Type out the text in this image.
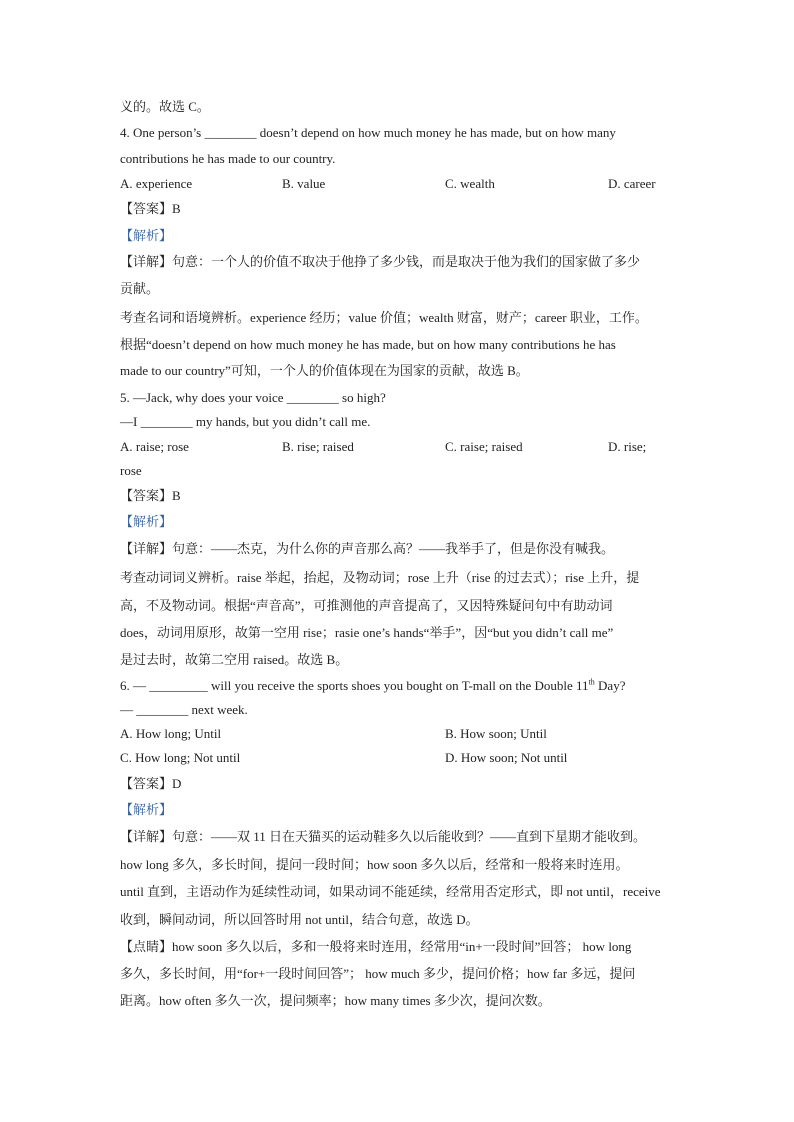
义的。故选 C。
4. One person’s ________ doesn’t depend on how much money he has made, but on how many
contributions he has made to our country.
A. experience	B. value	C. wealth	D. career
【答案】B
【解析】
【详解】句意：一个人的价值不取决于他挣了多少钱，而是取决于他为我们的国家做了多少
贡献。
考查名词和语境辨析。experience 经历；value 价值；wealth 财富，财产；career 职业，工作。
根据“doesn’t depend on how much money he has made, but on how many contributions he has
made to our country”可知，一个人的价值体现在为国家的贡献，故选 B。
5. —Jack, why does your voice ________ so high?
—I ________ my hands, but you didn’t call me.
A. raise; rose	B. rise; raised	C. raise; raised	D. rise;
rose
【答案】B
【解析】
【详解】句意：——杰克，为什么你的声音那么高？——我举手了，但是你没有喊我。
考查动词词义辨析。raise 举起，抬起，及物动词；rose 上升（rise 的过去式）；rise 上升，提
高，不及物动词。根据“声音高”，可推测他的声音提高了，又因特殊疑问句中有助动词
does，动词用原形，故第一空用 rise；rasie one’s hands“举手”，因“but you didn’t call me”
是过去时，故第二空用 raised。故选 B。
6. — _________ will you receive the sports shoes you bought on T-mall on the Double 11th Day?
— ________ next week.
A. How long; Until	B. How soon; Until
C. How long; Not until	D. How soon; Not until
【答案】D
【解析】
【详解】句意：——双 11 日在天猫买的运动鞋多久以后能收到？——直到下星期才能收到。
how long 多久，多长时间，提问一段时间；how soon 多久以后，经常和一般将来时连用。
until 直到，主语动作为延续性动词，如果动词不能延续，经常用否定形式，即 not until，receive
收到，瞬间动词，所以回答时用 not until，结合句意，故选 D。
【点睛】how soon 多久以后，多和一般将来时连用，经常用“in+一段时间”回答； how long
多久，多长时间，用“for+一段时间回答”； how much 多少，提问价格；how far 多远，提问
距离。how often 多久一次，提问频率；how many times 多少次，提问次数。
